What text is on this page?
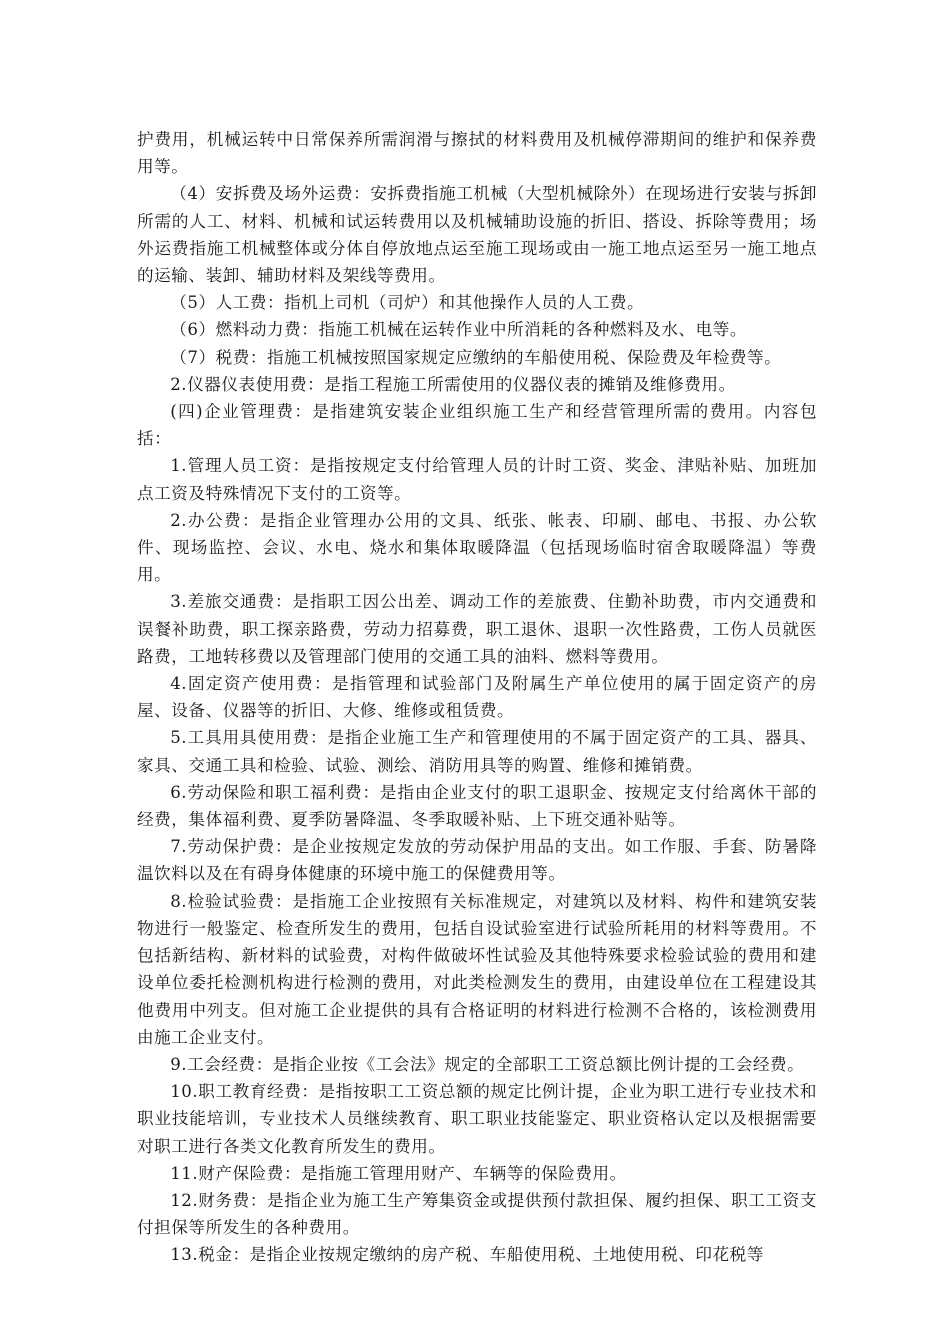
护费用，机械运转中日常保养所需润滑与擦拭的材料费用及机械停滞期间的维护和保养费用等。

（4）安拆费及场外运费：安拆费指施工机械（大型机械除外）在现场进行安装与拆卸所需的人工、材料、机械和试运转费用以及机械辅助设施的折旧、搭设、拆除等费用；场外运费指施工机械整体或分体自停放地点运至施工现场或由一施工地点运至另一施工地点的运输、装卸、辅助材料及架线等费用。

（5）人工费：指机上司机（司炉）和其他操作人员的人工费。

（6）燃料动力费：指施工机械在运转作业中所消耗的各种燃料及水、电等。

（7）税费：指施工机械按照国家规定应缴纳的车船使用税、保险费及年检费等。

2.仪器仪表使用费：是指工程施工所需使用的仪器仪表的摊销及维修费用。

(四)企业管理费：是指建筑安装企业组织施工生产和经营管理所需的费用。内容包括：

1.管理人员工资：是指按规定支付给管理人员的计时工资、奖金、津贴补贴、加班加点工资及特殊情况下支付的工资等。

2.办公费：是指企业管理办公用的文具、纸张、帐表、印刷、邮电、书报、办公软件、现场监控、会议、水电、烧水和集体取暖降温（包括现场临时宿舍取暖降温）等费用。

3.差旅交通费：是指职工因公出差、调动工作的差旅费、住勤补助费，市内交通费和误餐补助费，职工探亲路费，劳动力招募费，职工退休、退职一次性路费，工伤人员就医路费，工地转移费以及管理部门使用的交通工具的油料、燃料等费用。

4.固定资产使用费：是指管理和试验部门及附属生产单位使用的属于固定资产的房屋、设备、仪器等的折旧、大修、维修或租赁费。

5.工具用具使用费：是指企业施工生产和管理使用的不属于固定资产的工具、器具、家具、交通工具和检验、试验、测绘、消防用具等的购置、维修和摊销费。

6.劳动保险和职工福利费：是指由企业支付的职工退职金、按规定支付给离休干部的经费，集体福利费、夏季防暑降温、冬季取暖补贴、上下班交通补贴等。

7.劳动保护费：是企业按规定发放的劳动保护用品的支出。如工作服、手套、防暑降温饮料以及在有碍身体健康的环境中施工的保健费用等。

8.检验试验费：是指施工企业按照有关标准规定，对建筑以及材料、构件和建筑安装物进行一般鉴定、检查所发生的费用，包括自设试验室进行试验所耗用的材料等费用。不包括新结构、新材料的试验费，对构件做破坏性试验及其他特殊要求检验试验的费用和建设单位委托检测机构进行检测的费用，对此类检测发生的费用，由建设单位在工程建设其他费用中列支。但对施工企业提供的具有合格证明的材料进行检测不合格的，该检测费用由施工企业支付。

9.工会经费：是指企业按《工会法》规定的全部职工工资总额比例计提的工会经费。

10.职工教育经费：是指按职工工资总额的规定比例计提，企业为职工进行专业技术和职业技能培训，专业技术人员继续教育、职工职业技能鉴定、职业资格认定以及根据需要对职工进行各类文化教育所发生的费用。

11.财产保险费：是指施工管理用财产、车辆等的保险费用。

12.财务费：是指企业为施工生产筹集资金或提供预付款担保、履约担保、职工工资支付担保等所发生的各种费用。

13.税金：是指企业按规定缴纳的房产税、车船使用税、土地使用税、印花税等
